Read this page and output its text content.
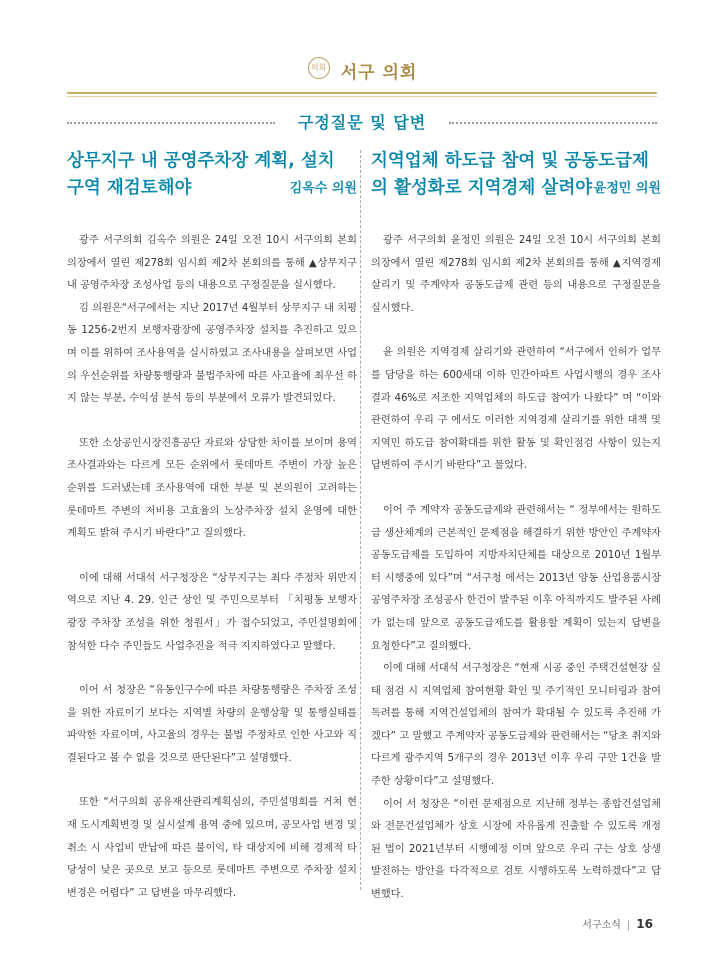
의회 서구 의회
구정질문 및 답변
상무지구 내 공영주차장 계획, 설치 구역 재검토해야	김옥수 의원

광주 서구의회 김옥수 의원은 24일 오전 10시 서구의회 본회의장에서 열린 제278회 임시회 제2차 본회의를 통해 ▲상무지구 내 공영주차장 조성사업 등의 내용으로 구정질문을 실시했다.

김 의원은“서구에서는 지난 2017년 4월부터 상무지구 내 치평동 1256-2번지 보행자광장에 공영주차장 설치를 추진하고 있으며 이를 위하여 조사용역을 실시하였고 조사내용을 살펴보면 사업의 우선순위를 차량통행량과 불법주차에 따른 사고율에 최우선 하지 않는 부분, 수익성 분석 등의 부분에서 오류가 발견되었다.

또한 소상공인시장진흥공단 자료와 상당한 차이를 보이며 용역조사결과와는 다르게 모든 순위에서 롯데마트 주변이 가장 높은 순위를 드러냈는데 조사용역에 대한 부분 및 본의원이 고려하는 롯데마트 주변의 저비용 고효율의 노상주차장 설치 운영에 대한 계획도 밝혀 주시기 바란다”고 질의했다.

이에 대해 서대석 서구청장은 “상무지구는 최다 주정차 위반지역으로 지난 4. 29. 인근 상인 및 주민으로부터 「치평동 보행자광장 주차장 조성을 위한 청원서」가 접수되었고, 주민설명회에 참석한 다수 주민들도 사업추진을 적극 지지하였다고 말했다.

이어 서 청장은 “유동인구수에 따른 차량통행량은 주차장 조성을 위한 자료이기 보다는 지역별 차량의 운행상황 및 통행실태를 파악한 자료이며, 사고율의 경우는 불법 주정차로 인한 사고와 직결된다고 볼 수 없을 것으로 판단된다”고 설명했다.

또한 “서구의회 공유재산관리계획심의, 주민설명회를 거쳐 현재 도시계획변경 및 실시설계 용역 중에 있으며, 공모사업 변경 및 취소 시 사업비 반납에 따른 불이익, 타 대상지에 비해 경제적 타당성이 낮은 곳으로 보고 등으로 롯데마트 주변으로 주차장 설치변경은 어렵다” 고 답변을 마무리했다.

지역업체 하도급 참여 및 공동도급제의 활성화로 지역경제 살려야 윤정민 의원

광주 서구의회 윤정민 의원은 24일 오전 10시 서구의회 본회의장에서 열린 제278회 임시회 제2차 본회의를 통해 ▲지역경제 살리기 및 주계약자 공동도급제 관련 등의 내용으로 구정질문을 실시했다.

윤 의원은 지역경제 살리기와 관련하여 “서구에서 인허가 업무를 담당을 하는 600세대 이하 민간아파트 사업시행의 경우 조사결과 46%로 저조한 지역업체의 하도급 참여가 나왔다” 며 “이와 관련하여 우리 구 에서도 이러한 지역경제 살리기를 위한 대책 및 지역민 하도급 참여확대를 위한 활동 및 확인점검 사항이 있는지 답변하여 주시기 바란다”고 물었다.

이어 주 계약자 공동도급제와 관련해서는 “ 정부에서는 원하도급 생산체계의 근본적인 문제점을 해결하기 위한 방안인 주계약자 공동도급제를 도입하여 지방자치단체를 대상으로 2010년 1월부터 시행중에 있다”며 “서구청 에서는 2013년 양동 산업용품시장 공영주차장 조성공사 한건이 발주된 이후 아직까지도 발주된 사례가 없는데 앞으로 공동도급제도를 활용할 계획이 있는지 답변을 요청한다”고 질의했다.

이에 대해 서대석 서구청장은 “현재 시공 중인 주택건설현장 실태 점검 시 지역업체 참여현황 확인 및 주기적인 모니터링과 참여독려를 통해 지역건설업체의 참여가 확대될 수 있도록 추진해 가겠다” 고 말했고 주계약자 공동도급제와 관련해서는 “당초 취지와 다르게 광주지역 5개구의 경우 2013년 이후 우리 구만 1건을 발주한 상황이다”고 설명했다.

이어 서 청장은 “이런 문제점으로 지난해 정부는 종합건설업체와 전문건설업체가 상호 시장에 자유롭게 진출할 수 있도록 개정된 법이 2021년부터 시행예정 이며 앞으로 우리 구는 상호 상생 발전하는 방안을 다각적으로 검토 시행하도록 노력하겠다”고 답변했다.

서구소식 | 16
